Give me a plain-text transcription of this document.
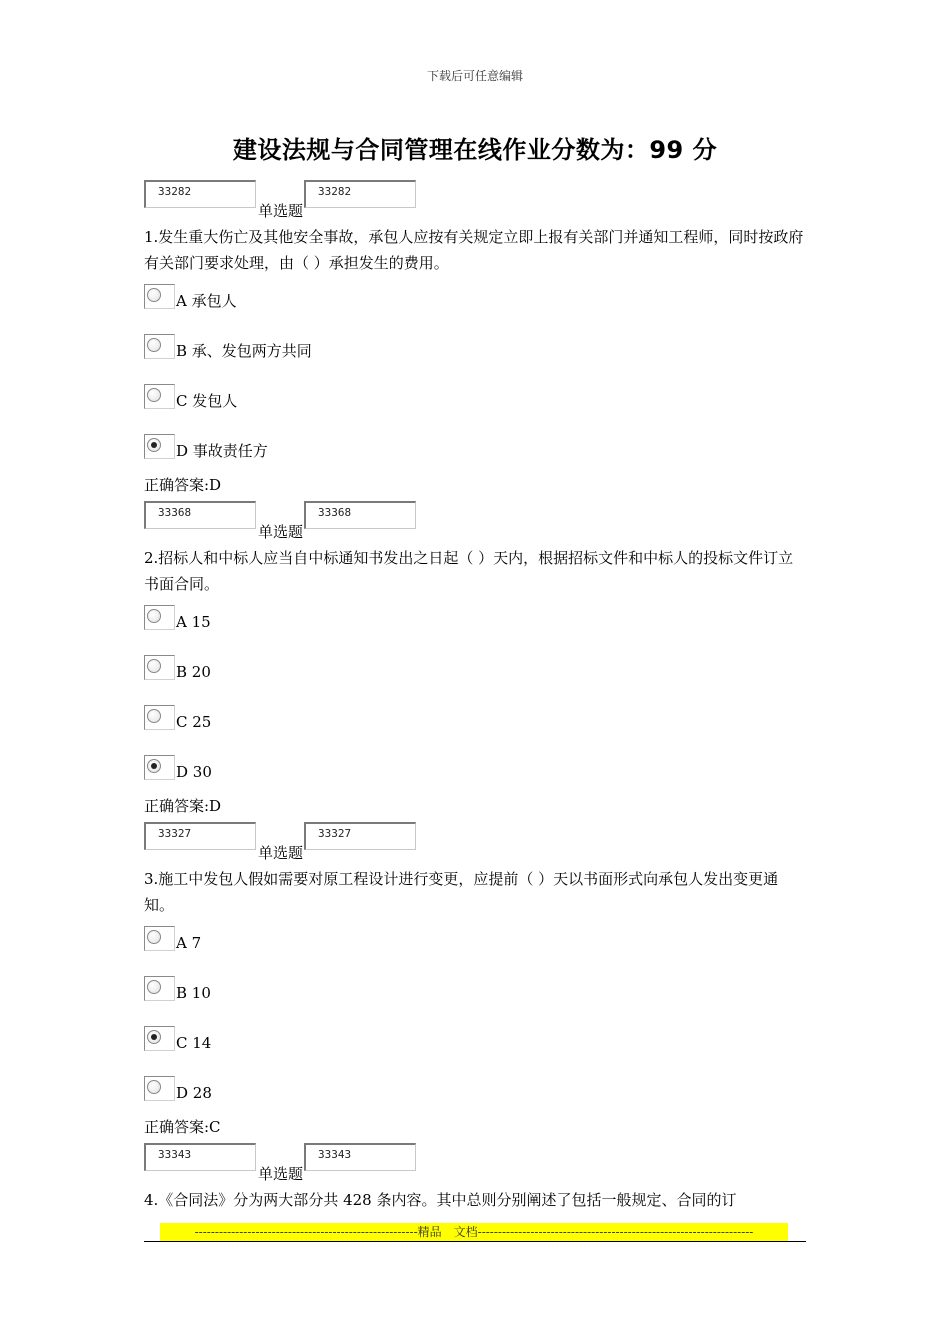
下载后可任意编辑
建设法规与合同管理在线作业分数为：99 分
33282
单选题
33282
1.发生重大伤亡及其他安全事故，承包人应按有关规定立即上报有关部门并通知工程师，同时按政府有关部门要求处理，由（ ）承担发生的费用。
A 承包人
B 承、发包两方共同
C 发包人
D 事故责任方
正确答案:D
33368
单选题
33368
2.招标人和中标人应当自中标通知书发出之日起（ ）天内，根据招标文件和中标人的投标文件订立书面合同。
A 15
B 20
C 25
D 30
正确答案:D
33327
单选题
33327
3.施工中发包人假如需要对原工程设计进行变更，应提前（ ）天以书面形式向承包人发出变更通知。
A 7
B 10
C 14
D 28
正确答案:C
33343
单选题
33343
4.《合同法》分为两大部分共 428 条内容。其中总则分别阐述了包括一般规定、合同的订
-------------------------------------------------------精品　文档--------------------------------------------------------------------
